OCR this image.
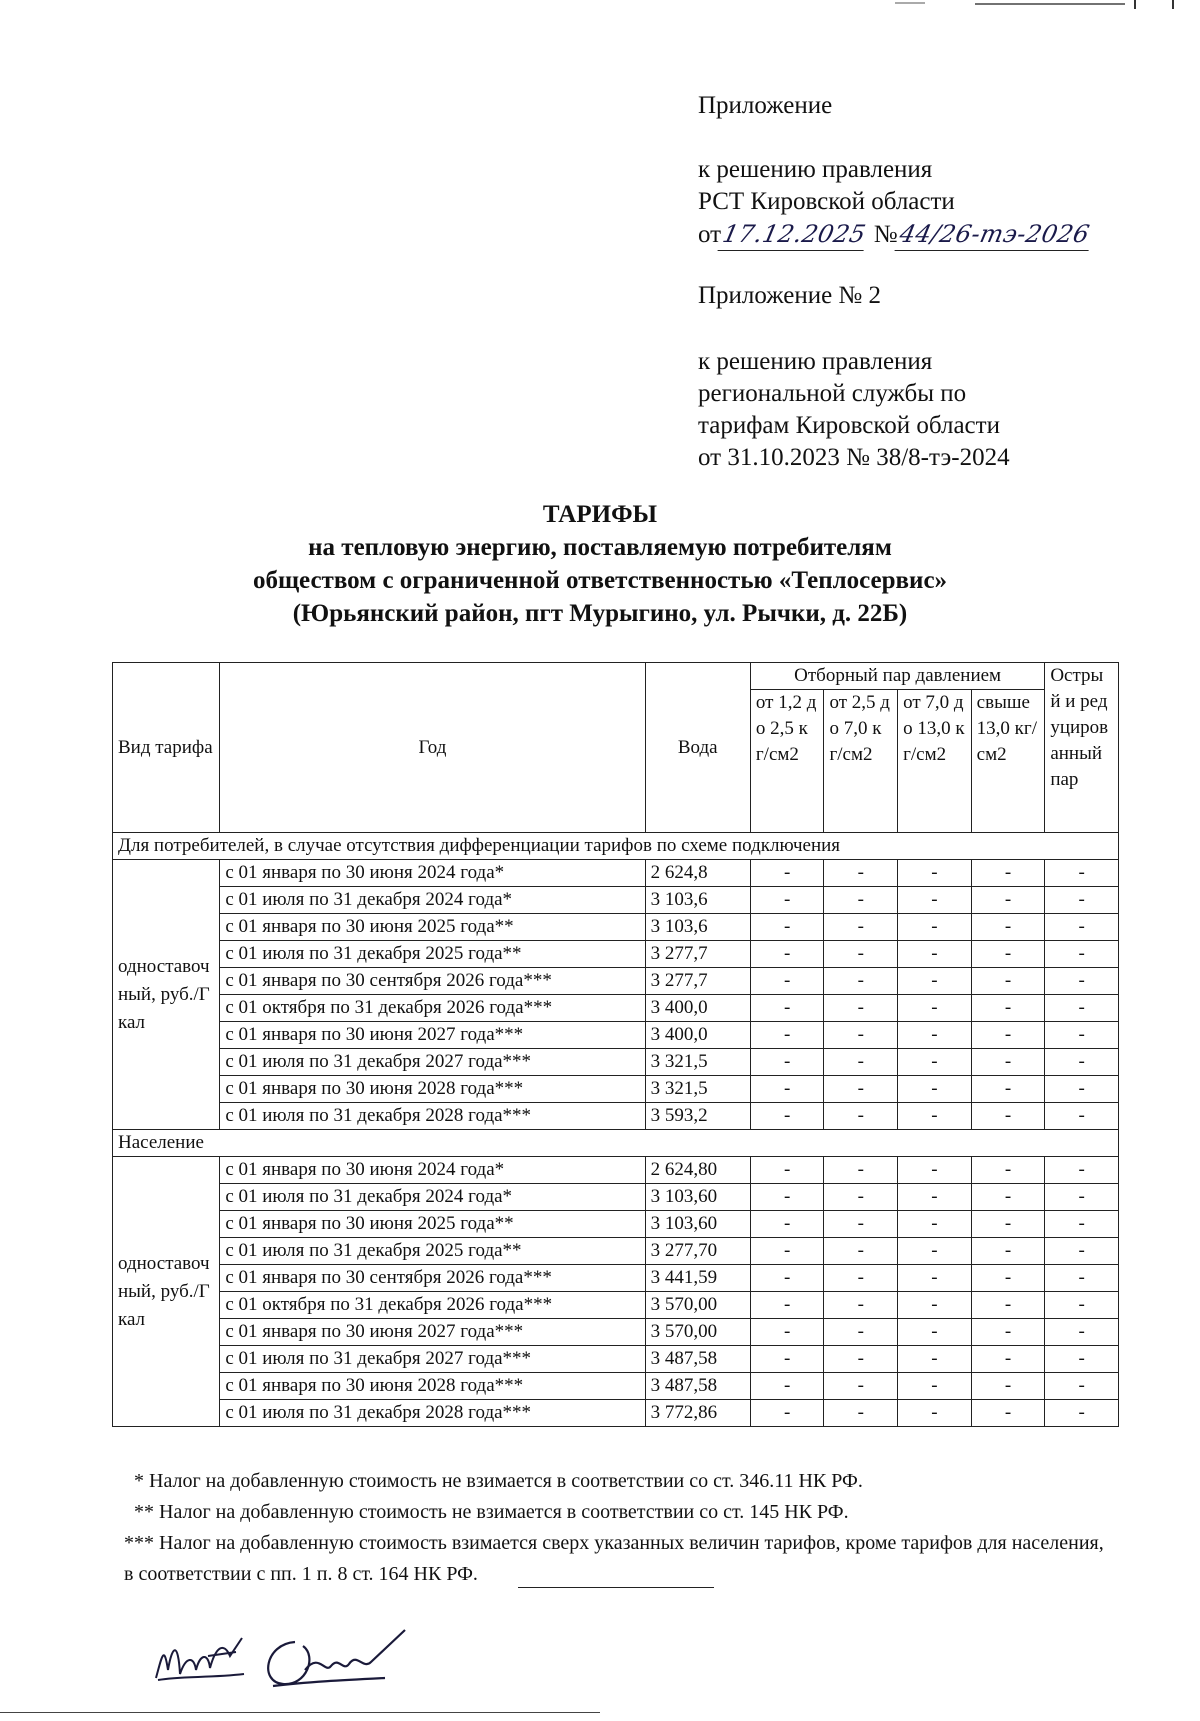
Приложение
к решению правления
РСТ Кировской области
от17.12.2025 №44/26-тэ-2026
Приложение № 2
к решению правления
региональной службы по
тарифам Кировской области
от 31.10.2023 № 38/8-тэ-2024
ТАРИФЫ
на тепловую энергию, поставляемую потребителям
обществом с ограниченной ответственностью «Теплосервис»
(Юрьянский район, пгт Мурыгино, ул. Рычки, д. 22Б)
Вид тарифа	Год	Вода	Отборный пар давлением				Острый и редуцированный пар
			от 1,2 до 2,5 кг/см2	от 2,5 до 7,0 кг/см2	от 7,0 до 13,0 кг/см2	свыше 13,0 кг/см2	
Для потребителей, в случае отсутствия дифференциации тарифов по схеме подключения							
одноставочный, руб./Гкал	с 01 января по 30 июня 2024 года*	2 624,8	-	-	-	-	-
	с 01 июля по 31 декабря 2024 года*	3 103,6	-	-	-	-	-
	с 01 января по 30 июня 2025 года**	3 103,6	-	-	-	-	-
	с 01 июля по 31 декабря 2025 года**	3 277,7	-	-	-	-	-
	с 01 января по 30 сентября 2026 года***	3 277,7	-	-	-	-	-
	с 01 октября по 31 декабря 2026 года***	3 400,0	-	-	-	-	-
	с 01 января по 30 июня 2027 года***	3 400,0	-	-	-	-	-
	с 01 июля по 31 декабря 2027 года***	3 321,5	-	-	-	-	-
	с 01 января по 30 июня 2028 года***	3 321,5	-	-	-	-	-
	с 01 июля по 31 декабря 2028 года***	3 593,2	-	-	-	-	-
Население							
одноставочный, руб./Гкал	с 01 января по 30 июня 2024 года*	2 624,80	-	-	-	-	-
	с 01 июля по 31 декабря 2024 года*	3 103,60	-	-	-	-	-
	с 01 января по 30 июня 2025 года**	3 103,60	-	-	-	-	-
	с 01 июля по 31 декабря 2025 года**	3 277,70	-	-	-	-	-
	с 01 января по 30 сентября 2026 года***	3 441,59	-	-	-	-	-
	с 01 октября по 31 декабря 2026 года***	3 570,00	-	-	-	-	-
	с 01 января по 30 июня 2027 года***	3 570,00	-	-	-	-	-
	с 01 июля по 31 декабря 2027 года***	3 487,58	-	-	-	-	-
	с 01 января по 30 июня 2028 года***	3 487,58	-	-	-	-	-
	с 01 июля по 31 декабря 2028 года***	3 772,86	-	-	-	-	-
* Налог на добавленную стоимость не взимается в соответствии со ст. 346.11 НК РФ.
** Налог на добавленную стоимость не взимается в соответствии со ст. 145 НК РФ.
*** Налог на добавленную стоимость взимается сверх указанных величин тарифов, кроме тарифов для населения, в соответствии с пп. 1 п. 8 ст. 164 НК РФ.
